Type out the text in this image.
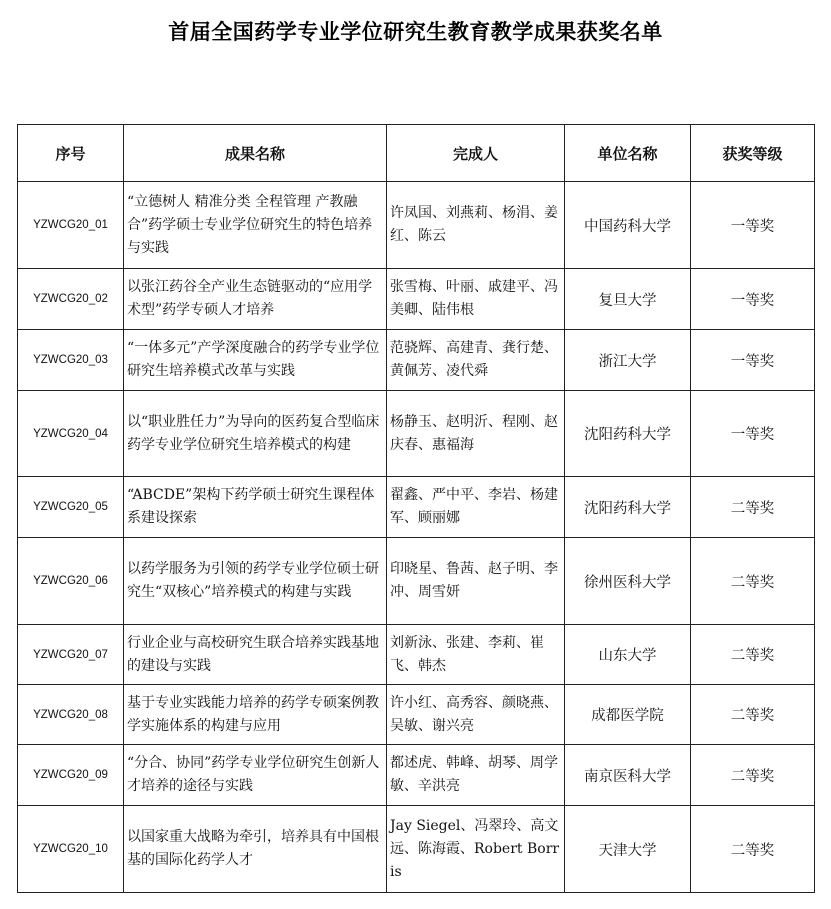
首届全国药学专业学位研究生教育教学成果获奖名单
序号	成果名称	完成人	单位名称	获奖等级
YZWCG20_01	“立德树人 精准分类 全程管理 产教融合”药学硕士专业学位研究生的特色培养与实践	许凤国、刘燕莉、杨涓、姜红、陈云	中国药科大学	一等奖
YZWCG20_02	以张江药谷全产业生态链驱动的“应用学术型”药学专硕人才培养	张雪梅、叶丽、戚建平、冯美卿、陆伟根	复旦大学	一等奖
YZWCG20_03	“一体多元”产学深度融合的药学专业学位研究生培养模式改革与实践	范骁辉、高建青、龚行楚、黄佩芳、凌代舜	浙江大学	一等奖
YZWCG20_04	以“职业胜任力”为导向的医药复合型临床药学专业学位研究生培养模式的构建	杨静玉、赵明沂、程刚、赵庆春、惠福海	沈阳药科大学	一等奖
YZWCG20_05	“ABCDE”架构下药学硕士研究生课程体系建设探索	翟鑫、严中平、李岩、杨建军、顾丽娜	沈阳药科大学	二等奖
YZWCG20_06	以药学服务为引领的药学专业学位硕士研究生“双核心”培养模式的构建与实践	印晓星、鲁茜、赵子明、李冲、周雪妍	徐州医科大学	二等奖
YZWCG20_07	行业企业与高校研究生联合培养实践基地的建设与实践	刘新泳、张建、李莉、崔飞、韩杰	山东大学	二等奖
YZWCG20_08	基于专业实践能力培养的药学专硕案例教学实施体系的构建与应用	许小红、高秀容、颜晓燕、吴敏、谢兴亮	成都医学院	二等奖
YZWCG20_09	“分合、协同”药学专业学位研究生创新人才培养的途径与实践	都述虎、韩峰、胡琴、周学敏、辛洪亮	南京医科大学	二等奖
YZWCG20_10	以国家重大战略为牵引，培养具有中国根基的国际化药学人才	Jay Siegel、冯翠玲、高文远、陈海霞、Robert Borris	天津大学	二等奖
